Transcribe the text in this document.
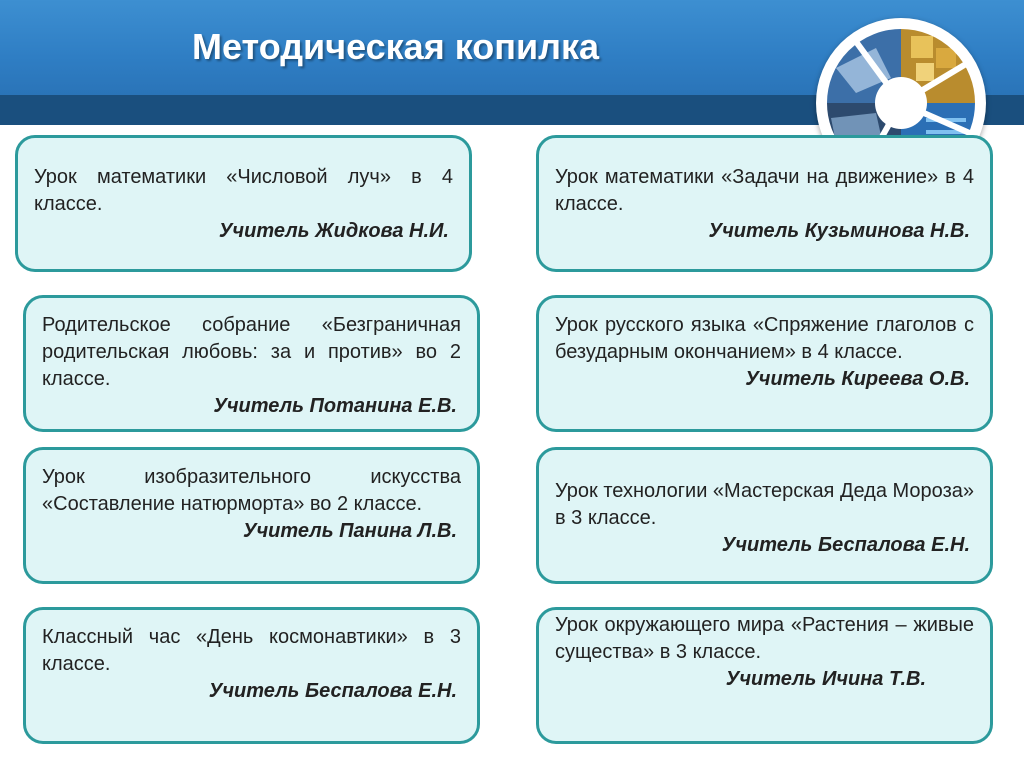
Методическая копилка
Урок математики «Числовой луч» в 4 классе.
Учитель Жидкова Н.И.
Урок математики «Задачи на движение» в 4 классе.
Учитель Кузьминова Н.В.
Родительское собрание «Безграничная родительская любовь: за и против» во 2 классе.
Учитель Потанина Е.В.
Урок русского языка «Спряжение глаголов с безударным окончанием» в 4 классе.
Учитель Киреева О.В.
Урок изобразительного искусства «Составление натюрморта» во 2 классе.
Учитель Панина Л.В.
Урок технологии «Мастерская Деда Мороза» в 3 классе.
Учитель Беспалова Е.Н.
Классный час «День космонавтики» в 3 классе.
Учитель Беспалова Е.Н.
Урок окружающего мира «Растения – живые существа» в 3 классе.
Учитель Ичина Т.В.
